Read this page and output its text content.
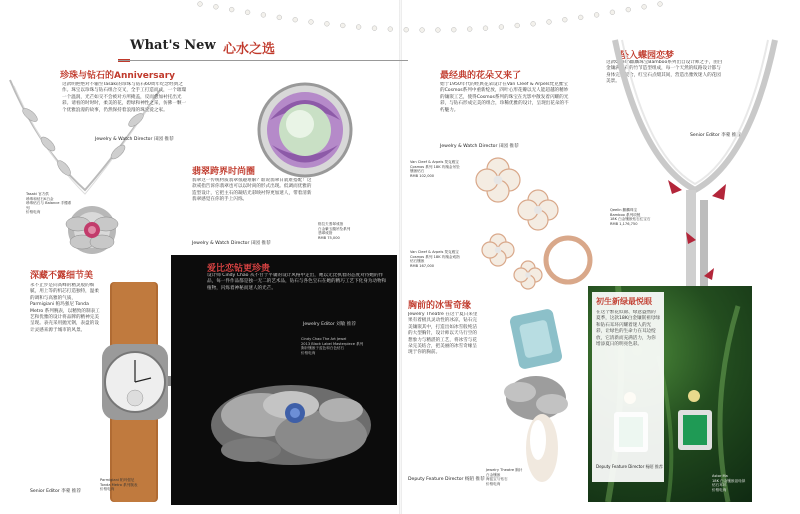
What's New 心水之选
珍珠与钻石的Anniversary
这款明艳绝对不输至Tasaki的珍珠与钻石60周年纪念经典之作。珠宝以珍珠与钻石组合交叉，全手工打造而成，一个璀璨一个温润，光芒如交不会被对方所掩盖，反而愈加衬托出光彩。请看的时时时，柔美的花，碧绿和神性之采，仿佛一颗一个优雅浪漫的故事，仍然保持着浪漫的珠宝爱之家。
Jewelry & Watch Director 田园 推荐
Tasaki 官方供
珍珠和钻石K白金
珍珠钻石与 Balance 手镯系列
价格电询
格拉夫翡翠戒指
白金紫玉髓吊坠系列
翡翠戒指
RMB 75,000
翡翠跨界时尚圈
翡翠这一传统材质翡翠很趣难解？谁说翡翠日就难搭配！这款戒指告诉你翡翠也可以以时尚的形式出现。低调而优雅的造型设计，它把主石的凝结光彩映衬得更加迷人，带着清新翡翠感觉在你的手上闪烁。
Jewelry & Watch Director 田园 推荐
Parmigiani 帕玛强尼
Tonda Metro 系列腕表
价格电询
深藏不露细节美
永不止步是向高峰的精灵般的细腻，用上等的机芯打造独特，温柔的调和与高雅的气质，Parmigiani 帕玛强尼 Tonda Metro 系列腕表，以精致的制表工艺和优雅的设计将品牌的精神完美呈现。表壳采用抛光钢，表盘的设计灵感来源于城市的风景。
Senior Editor 李蒙 推荐
爱比恋钻更珍贵
设计师 Cindy Chao 从不甘于平庸的设计风格中走出，她以无比执着的态度对待她的作品，每一件作品都是独一无二的艺术品，钻石与各色宝石在她的精巧工艺下化身为动物和植物，闪烁着神秘而迷人的光芒。
Jewelry Editor 刘敏 推荐
Cindy Chao The Art Jewel
2013 Black Label Masterpiece 系列
胸针镶嵌于蓝色和白色钻石
价格电询
最经典的花朵又来了
始于1950年代的经典花朵设计在Van Cleef & Arpels梵克雅宝的Cosmos系列中重新绽放，四叶心形花瓣以无人能超越的精妙的镶嵌工艺，使得Cosmos系列的珠宝在光影中散发着闪耀的光彩，与钻石形成完美的组合，珍稀优雅的设计，呈现出花朵的不朽魅力。
Jewelry & Watch Director 田园 推荐
Van Cleef & Arpels 梵克雅宝
Cosmos 系列 18K 玫瑰金吊坠
镶嵌钻石
RMB 102,000
Van Cleef & Arpels 梵克雅宝
Cosmos 系列 18K 玫瑰金戒指
钻石镶嵌
RMB 167,000
坠入蝶园恋梦
这款Qeelin麒麟珠宝Bamboo系列出自设计师之手，由白金镶满钻石的竹节造型组成，每一个天然的纹路设计都与身体完美契合，红宝石点缀其间，营造出雅致迷人的花园美景。
Senior Editor 李蒙 推荐
Qeelin 麒麟珠宝
Bamboo 系列项链
18K 白金镶嵌钻石红宝石
RMB 1,176,750
胸前的冰雪奇缘
Jewelry Theatre 在这个夏日来里果有着极具灵动性的冰凉，钻石完美镶嵌其中，打造出如冰雪般纯洁的大型胸针，设计师以天马行空的想象力与精湛的工艺，将冰雪与花朵完美结合，把美丽的冰雪奇缘呈现于你的胸前。
Deputy Feature Director 杨陌 推荐
Jewelry Theatre 胸针
白金镶嵌
海蓝宝与钻石
价格电询
Astor Ma
18K 白金镶嵌祖母绿
钻石耳环
价格电询
初生新绿最悦眼
在这个繁花似锦、绿意盎然的夏季，这款18K白金镶嵌祖母绿和钻石耳环闪耀着迷人的光彩，让绿色的生命力在耳边绽放，它清新而充满活力，为你增添夏日的明亮色彩。
Deputy Feature Director 杨陌 推荐
